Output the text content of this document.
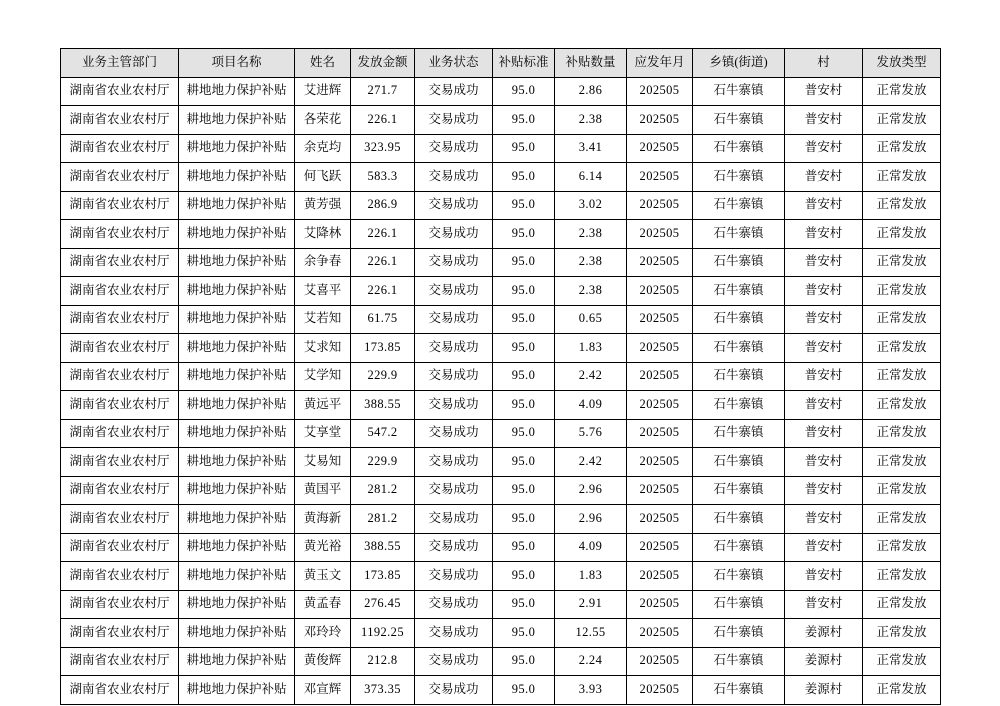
业务主管部门	项目名称	姓名	发放金额	业务状态	补贴标准	补贴数量	应发年月	乡镇(街道)	村	发放类型
湖南省农业农村厅	耕地地力保护补贴	艾进辉	271.7	交易成功	95.0	2.86	202505	石牛寨镇	普安村	正常发放
湖南省农业农村厅	耕地地力保护补贴	各荣花	226.1	交易成功	95.0	2.38	202505	石牛寨镇	普安村	正常发放
湖南省农业农村厅	耕地地力保护补贴	余克均	323.95	交易成功	95.0	3.41	202505	石牛寨镇	普安村	正常发放
湖南省农业农村厅	耕地地力保护补贴	何飞跃	583.3	交易成功	95.0	6.14	202505	石牛寨镇	普安村	正常发放
湖南省农业农村厅	耕地地力保护补贴	黄芳强	286.9	交易成功	95.0	3.02	202505	石牛寨镇	普安村	正常发放
湖南省农业农村厅	耕地地力保护补贴	艾降林	226.1	交易成功	95.0	2.38	202505	石牛寨镇	普安村	正常发放
湖南省农业农村厅	耕地地力保护补贴	余争春	226.1	交易成功	95.0	2.38	202505	石牛寨镇	普安村	正常发放
湖南省农业农村厅	耕地地力保护补贴	艾喜平	226.1	交易成功	95.0	2.38	202505	石牛寨镇	普安村	正常发放
湖南省农业农村厅	耕地地力保护补贴	艾若知	61.75	交易成功	95.0	0.65	202505	石牛寨镇	普安村	正常发放
湖南省农业农村厅	耕地地力保护补贴	艾求知	173.85	交易成功	95.0	1.83	202505	石牛寨镇	普安村	正常发放
湖南省农业农村厅	耕地地力保护补贴	艾学知	229.9	交易成功	95.0	2.42	202505	石牛寨镇	普安村	正常发放
湖南省农业农村厅	耕地地力保护补贴	黄远平	388.55	交易成功	95.0	4.09	202505	石牛寨镇	普安村	正常发放
湖南省农业农村厅	耕地地力保护补贴	艾享堂	547.2	交易成功	95.0	5.76	202505	石牛寨镇	普安村	正常发放
湖南省农业农村厅	耕地地力保护补贴	艾易知	229.9	交易成功	95.0	2.42	202505	石牛寨镇	普安村	正常发放
湖南省农业农村厅	耕地地力保护补贴	黄国平	281.2	交易成功	95.0	2.96	202505	石牛寨镇	普安村	正常发放
湖南省农业农村厅	耕地地力保护补贴	黄海新	281.2	交易成功	95.0	2.96	202505	石牛寨镇	普安村	正常发放
湖南省农业农村厅	耕地地力保护补贴	黄光裕	388.55	交易成功	95.0	4.09	202505	石牛寨镇	普安村	正常发放
湖南省农业农村厅	耕地地力保护补贴	黄玉文	173.85	交易成功	95.0	1.83	202505	石牛寨镇	普安村	正常发放
湖南省农业农村厅	耕地地力保护补贴	黄孟春	276.45	交易成功	95.0	2.91	202505	石牛寨镇	普安村	正常发放
湖南省农业农村厅	耕地地力保护补贴	邓玲玲	1192.25	交易成功	95.0	12.55	202505	石牛寨镇	姜源村	正常发放
湖南省农业农村厅	耕地地力保护补贴	黄俊辉	212.8	交易成功	95.0	2.24	202505	石牛寨镇	姜源村	正常发放
湖南省农业农村厅	耕地地力保护补贴	邓宣辉	373.35	交易成功	95.0	3.93	202505	石牛寨镇	姜源村	正常发放
